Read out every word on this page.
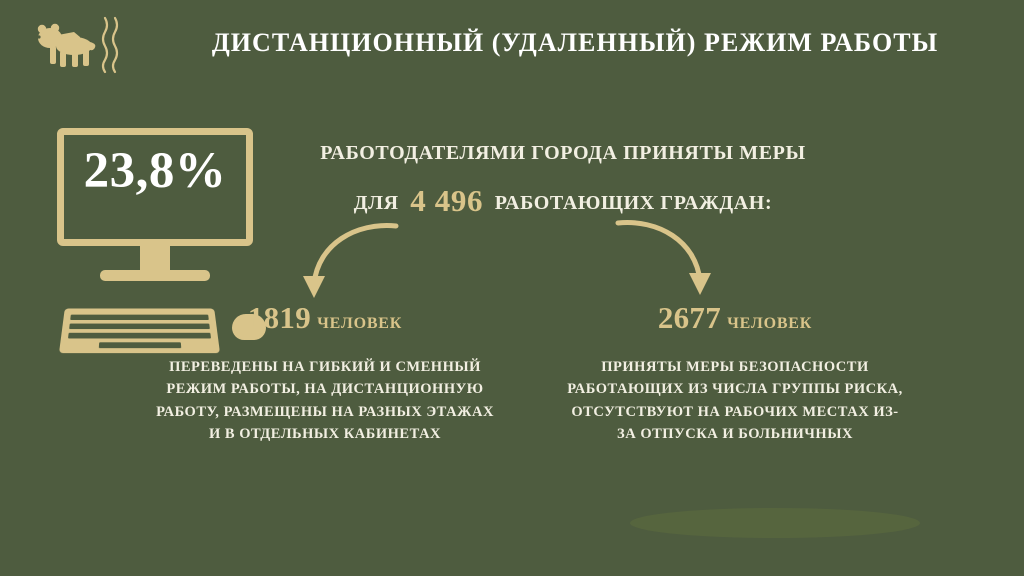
ДИСТАНЦИОННЫЙ (УДАЛЕННЫЙ) РЕЖИМ РАБОТЫ
23,8%	РАБОТОДАТЕЛЯМИ ГОРОДА ПРИНЯТЫ МЕРЫ
ДЛЯ 4 496 РАБОТАЮЩИХ ГРАЖДАН:
1819 ЧЕЛОВЕК
ПЕРЕВЕДЕНЫ НА ГИБКИЙ И СМЕННЫЙ РЕЖИМ РАБОТЫ, НА ДИСТАНЦИОННУЮ РАБОТУ, РАЗМЕЩЕНЫ НА РАЗНЫХ ЭТАЖАХ И В ОТДЕЛЬНЫХ КАБИНЕТАХ
2677 ЧЕЛОВЕК
ПРИНЯТЫ МЕРЫ БЕЗОПАСНОСТИ РАБОТАЮЩИХ ИЗ ЧИСЛА ГРУППЫ РИСКА, ОТСУТСТВУЮТ НА РАБОЧИХ МЕСТАХ ИЗ-ЗА ОТПУСКА И БОЛЬНИЧНЫХ
